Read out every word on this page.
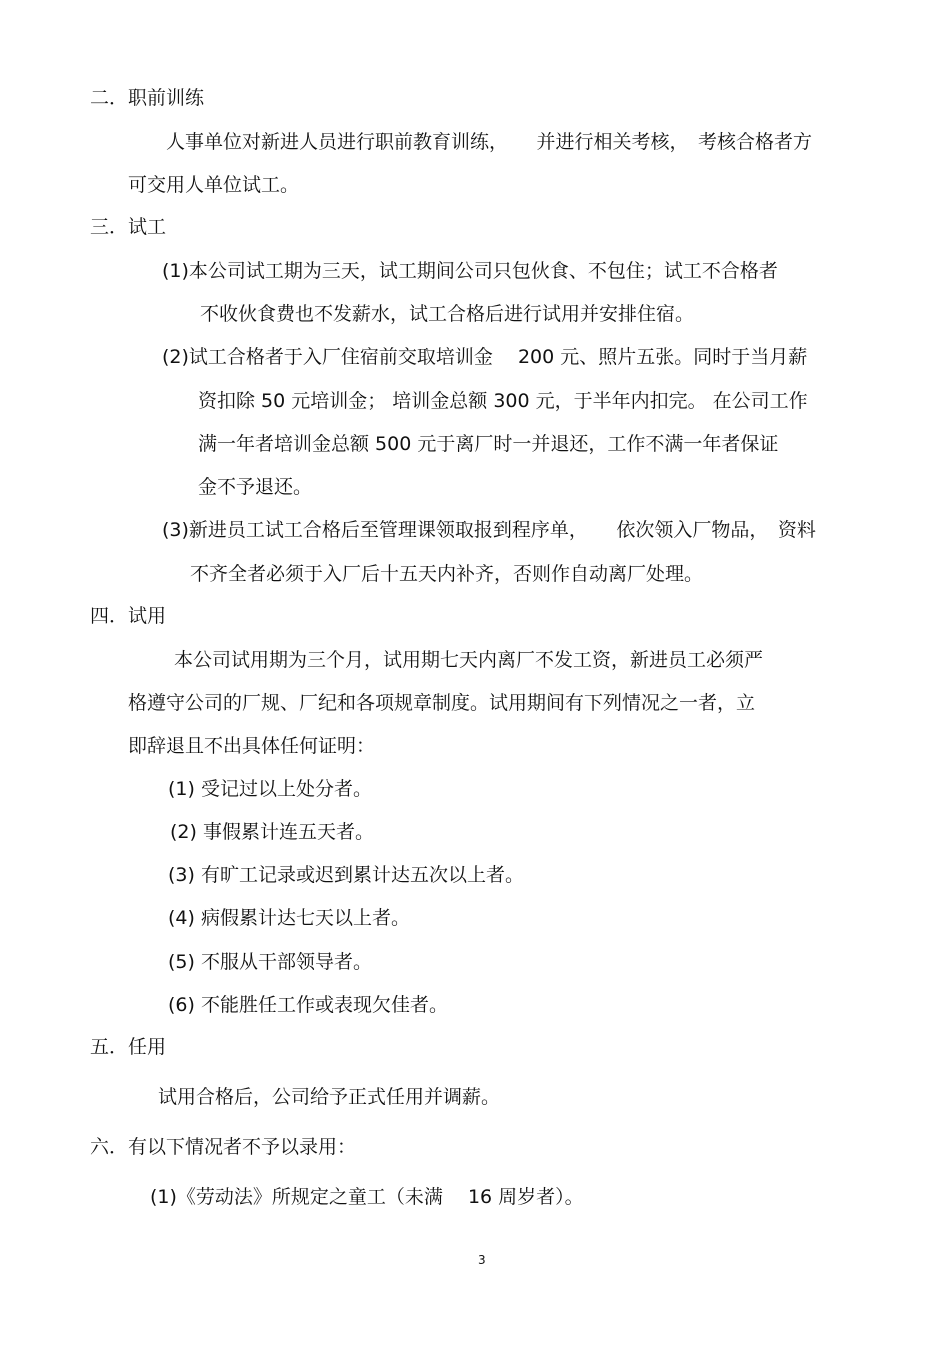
二．职前训练

人事单位对新进人员进行职前教育训练，　　并进行相关考核，　考核合格者方

可交用人单位试工。

三．试工

(1)本公司试工期为三天，试工期间公司只包伙食、不包住；试工不合格者

不收伙食费也不发薪水，试工合格后进行试用并安排住宿。

(2)试工合格者于入厂住宿前交取培训金　 200 元、照片五张。同时于当月薪

资扣除 50 元培训金； 培训金总额 300 元，于半年内扣完。 在公司工作

满一年者培训金总额 500 元于离厂时一并退还，工作不满一年者保证

金不予退还。

(3)新进员工试工合格后至管理课领取报到程序单，　　依次领入厂物品，　资料

不齐全者必须于入厂后十五天内补齐，否则作自动离厂处理。

四．试用

本公司试用期为三个月，试用期七天内离厂不发工资，新进员工必须严

格遵守公司的厂规、厂纪和各项规章制度。试用期间有下列情况之一者，立

即辞退且不出具体任何证明：

(1) 受记过以上处分者。

(2) 事假累计连五天者。

(3) 有旷工记录或迟到累计达五次以上者。

(4) 病假累计达七天以上者。

(5) 不服从干部领导者。

(6) 不能胜任工作或表现欠佳者。

五．任用

试用合格后，公司给予正式任用并调薪。

六．有以下情况者不予以录用：

(1)《劳动法》所规定之童工（未满　 16 周岁者）。

3
